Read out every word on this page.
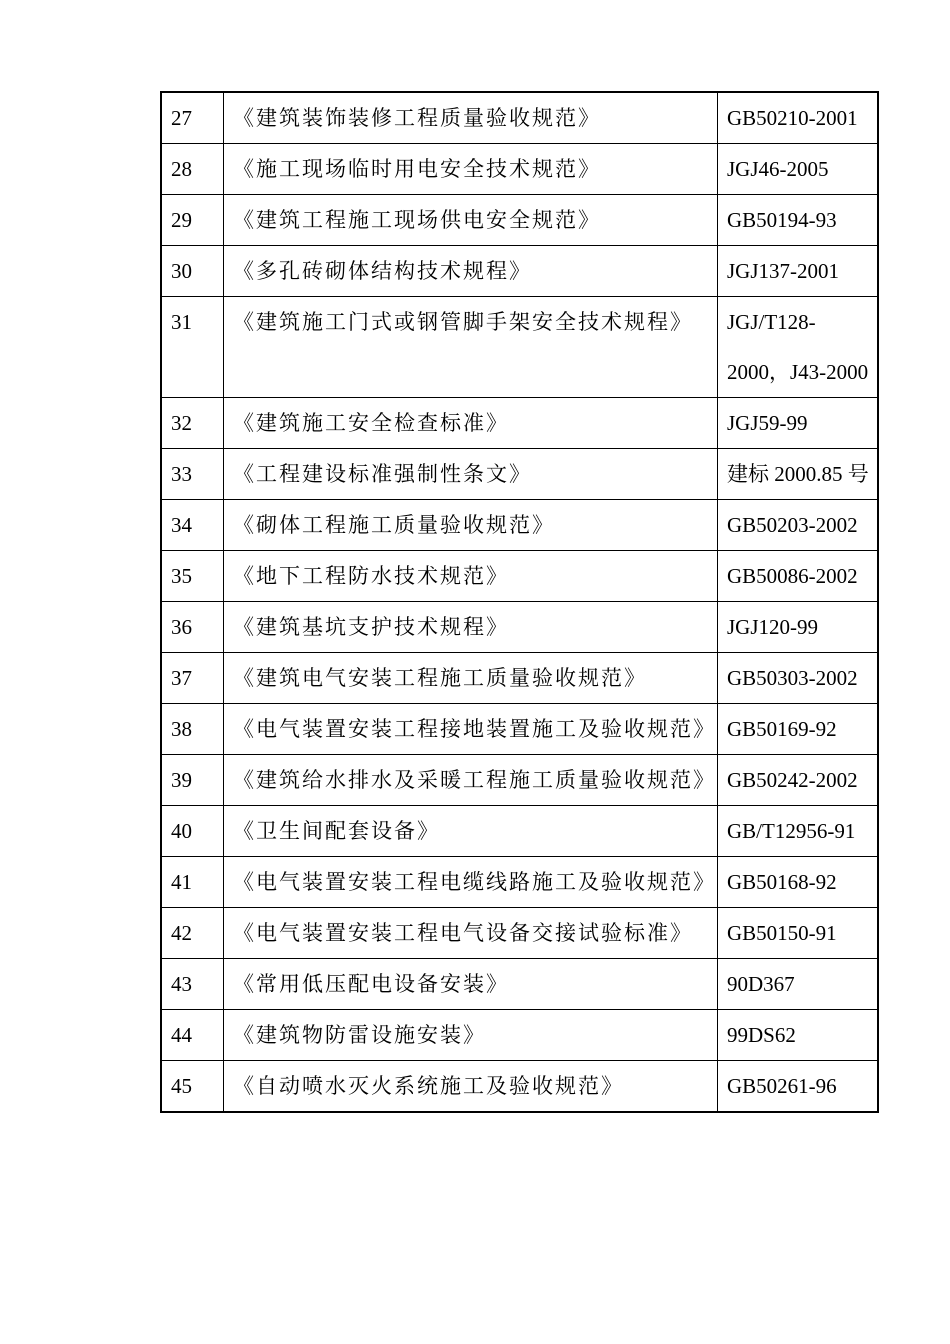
27	《建筑装饰装修工程质量验收规范》	GB50210-2001

28	《施工现场临时用电安全技术规范》	JGJ46-2005

29	《建筑工程施工现场供电安全规范》	GB50194-93

30	《多孔砖砌体结构技术规程》	JGJ137-2001

31	《建筑施工门式或钢管脚手架安全技术规程》	JGJ/T128-
2000，J43-2000

32	《建筑施工安全检查标准》	JGJ59-99

33	《工程建设标准强制性条文》	建标 2000.85 号

34	《砌体工程施工质量验收规范》	GB50203-2002

35	《地下工程防水技术规范》	GB50086-2002

36	《建筑基坑支护技术规程》	JGJ120-99

37	《建筑电气安装工程施工质量验收规范》	GB50303-2002

38	《电气装置安装工程接地装置施工及验收规范》	GB50169-92

39	《建筑给水排水及采暖工程施工质量验收规范》	GB50242-2002

40	《卫生间配套设备》	GB/T12956-91

41	《电气装置安装工程电缆线路施工及验收规范》	GB50168-92

42	《电气装置安装工程电气设备交接试验标准》	GB50150-91

43	《常用低压配电设备安装》	90D367

44	《建筑物防雷设施安装》	99DS62

45	《自动喷水灭火系统施工及验收规范》	GB50261-96
